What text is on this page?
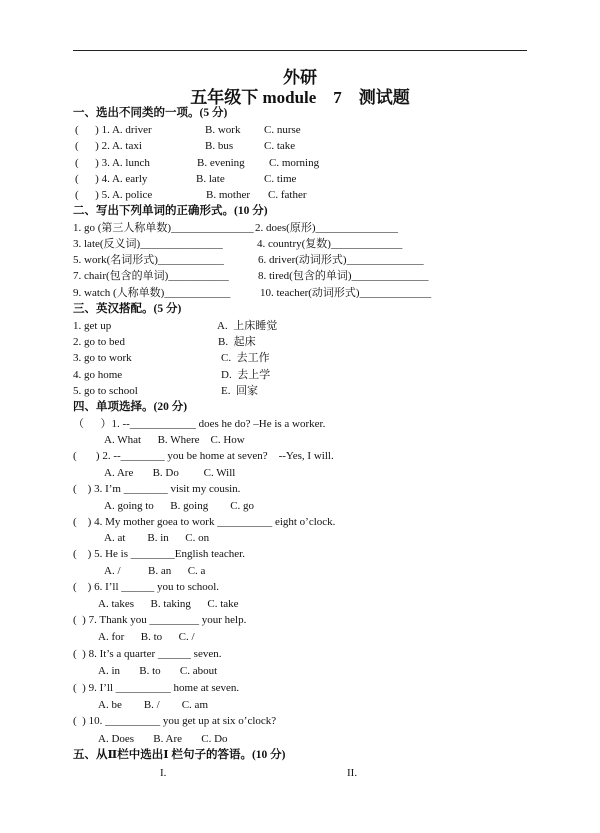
外研
五年级下 module    7    测试题
一、选出不同类的一项。(5 分)
(      ) 1. A. driver	B. work C. nurse
(      ) 2. A. taxi	B. bus	C. take
(      ) 3. A. lunch	B. evening C. morning
(      ) 4. A. early	B. late	C. time
(      ) 5. A. police	B. mother C. father
二、写出下列单词的正确形式。(10 分)
1. go (第三人称单数)_______________ 2. does(原形)_______________
3. late(反义词)_______________	4. country(复数)_____________
5. work(名词形式)____________	6. driver(动词形式)______________
7. chair(包含的单词)___________	8. tired(包含的单词)______________
9. watch (人称单数)____________	10. teacher(动词形式)_____________
三、英汉搭配。(5 分)
1. get up	A.  上床睡觉
2. go to bed	B.  起床
3. go to work	C.  去工作
4. go home	D.  去上学
5. go to school	E.  回家
四、单项选择。(20 分)
（      ）1. --____________ does he do? –He is a worker.
A. What      B. Where    C. How
(       ) 2. --________ you be home at seven?    --Yes, I will.
A. Are       B. Do         C. Will
(    ) 3. I’m ________ visit my cousin.
A. going to      B. going        C. go
(    ) 4. My mother goea to work __________ eight o’clock.
A. at        B. in      C. on
(    ) 5. He is ________English teacher.
A. /          B. an      C. a
(    ) 6. I’ll ______ you to school.
A. takes      B. taking      C. take
(  ) 7. Thank you _________ your help.
A. for      B. to      C. /
(  ) 8. It’s a quarter ______ seven.
A. in       B. to       C. about
(  ) 9. I’ll __________ home at seven.
A. be        B. /        C. am
(  ) 10. __________ you get up at six o’clock?
A. Does       B. Are       C. Do
五、从Ⅱ栏中选出Ⅰ 栏句子的答语。(10 分)
I.	II.
